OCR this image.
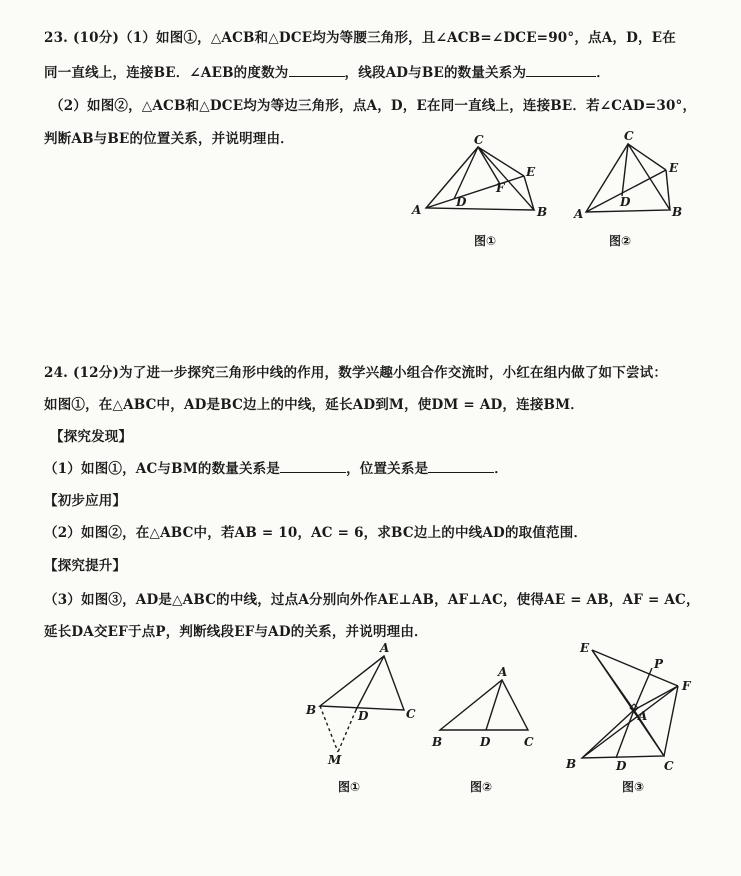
23. (10分)（1）如图①，△ACB和△DCE均为等腰三角形，且∠ACB=∠DCE=90°，点A，D，E在
同一直线上，连接BE．∠AEB的度数为	，线段AD与BE的数量关系为	．
（2）如图②，△ACB和△DCE均为等边三角形，点A，D，E在同一直线上，连接BE．若∠CAD=30°，
判断AB与BE的位置关系，并说明理由．
A	B
C
D
E
F
图①
A	B
C
D
E
图②
24. (12分)为了进一步探究三角形中线的作用，数学兴趣小组合作交流时，小红在组内做了如下尝试：
如图①，在△ABC中，AD是BC边上的中线，延长AD到M，使DM = AD，连接BM．
【探究发现】
（1）如图①，AC与BM的数量关系是	，位置关系是	．
【初步应用】
（2）如图②，在△ABC中，若AB = 10，AC = 6，求BC边上的中线AD的取值范围．
【探究提升】
（3）如图③，AD是△ABC的中线，过点A分别向外作AE⊥AB，AF⊥AC，使得AE = AB，AF = AC，
延长DA交EF于点P，判断线段EF与AD的关系，并说明理由．
A
B	C
D
M
图①
A
B	C
D
图②
E
P
F
A
B	D	C
图③
